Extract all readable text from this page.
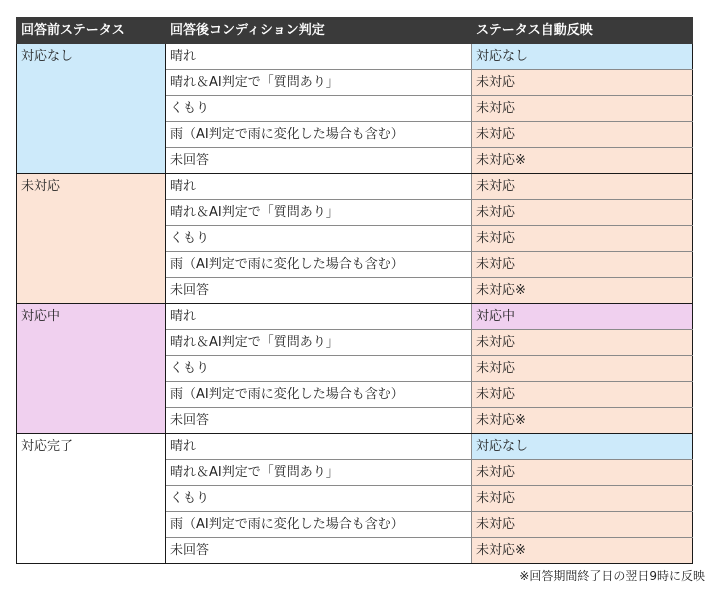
回答前ステータス	回答後コンディション判定	ステータス自動反映
対応なし	晴れ	対応なし
	晴れ＆AI判定で「質問あり」	未対応
	くもり	未対応
	雨（AI判定で雨に変化した場合も含む）	未対応
	未回答	未対応※
未対応	晴れ	未対応
	晴れ＆AI判定で「質問あり」	未対応
	くもり	未対応
	雨（AI判定で雨に変化した場合も含む）	未対応
	未回答	未対応※
対応中	晴れ	対応中
	晴れ＆AI判定で「質問あり」	未対応
	くもり	未対応
	雨（AI判定で雨に変化した場合も含む）	未対応
	未回答	未対応※
対応完了	晴れ	対応なし
	晴れ＆AI判定で「質問あり」	未対応
	くもり	未対応
	雨（AI判定で雨に変化した場合も含む）	未対応
	未回答	未対応※
※回答期間終了日の翌日9時に反映
